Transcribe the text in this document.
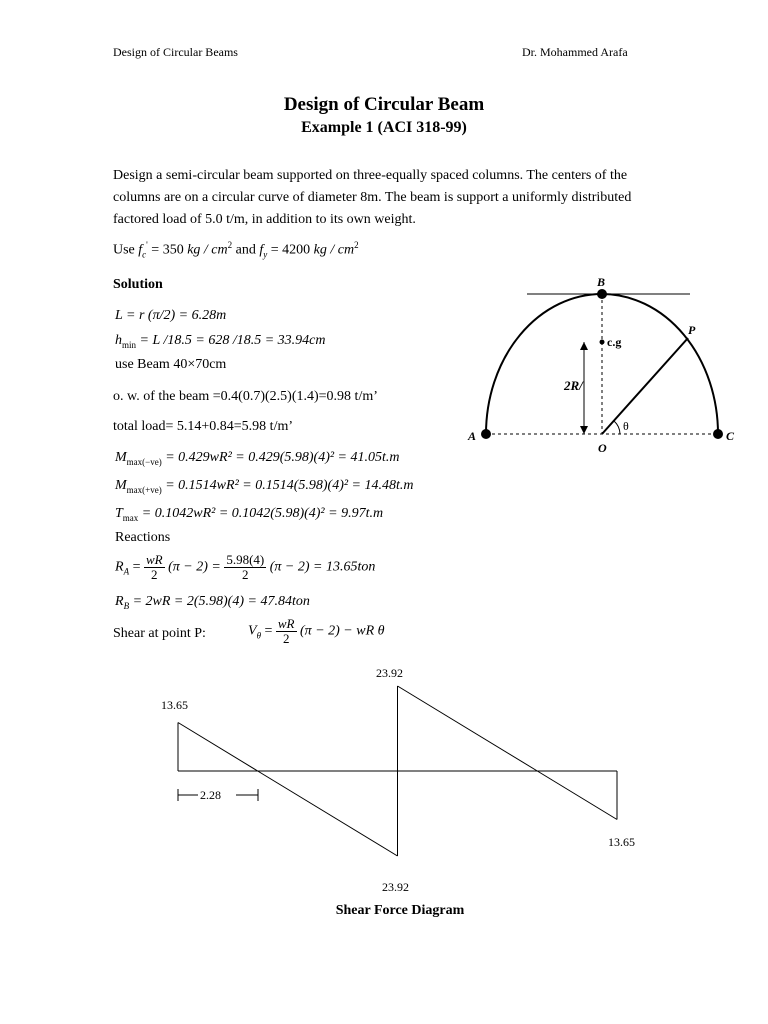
Design of Circular Beams	Dr. Mohammed Arafa
Design of Circular Beam
Example 1 (ACI 318-99)
Design a semi-circular beam supported on three-equally spaced columns. The centers of the columns are on a circular curve of diameter 8m. The beam is support a uniformly distributed factored load of 5.0 t/m, in addition to its own weight.
Use $f_c' = 350$ kg / $cm^2$ and $f_y = 4200$ kg / $cm^2$
Solution
L = r (π/2) = 6.28m
$h_{min} = L$ /18.5 = 628 /18.5 = 33.94cm
use Beam 40×70cm
o. w. of the beam =0.4(0.7)(2.5)(1.4)=0.98 t/m’
total load= 5.14+0.84=5.98 t/m’
$M_{max(-ve)} = 0.429wR^2 = 0.429(5.98)(4)^2 = 41.05t.m$
$M_{max(+ve)} = 0.1514wR^2 = 0.1514(5.98)(4)^2 = 14.48t.m$
$T_{max} = 0.1042wR^2 = 0.1042(5.98)(4)^2 = 9.97t.m$
Reactions
$R_A = \frac{wR}{2} (\pi - 2) = \frac{5.98(4)}{2} (\pi - 2) = 13.65ton$
$R_B = 2wR = 2(5.98)(4) = 47.84ton$
Shear at point P:	$V_\theta = \frac{wR}{2} (\pi - 2)$ − wR θ
A
B
C
O
P
c.g
2R/
θ
2.28
13.65
23.92
23.92
13.65
Shear Force Diagram
